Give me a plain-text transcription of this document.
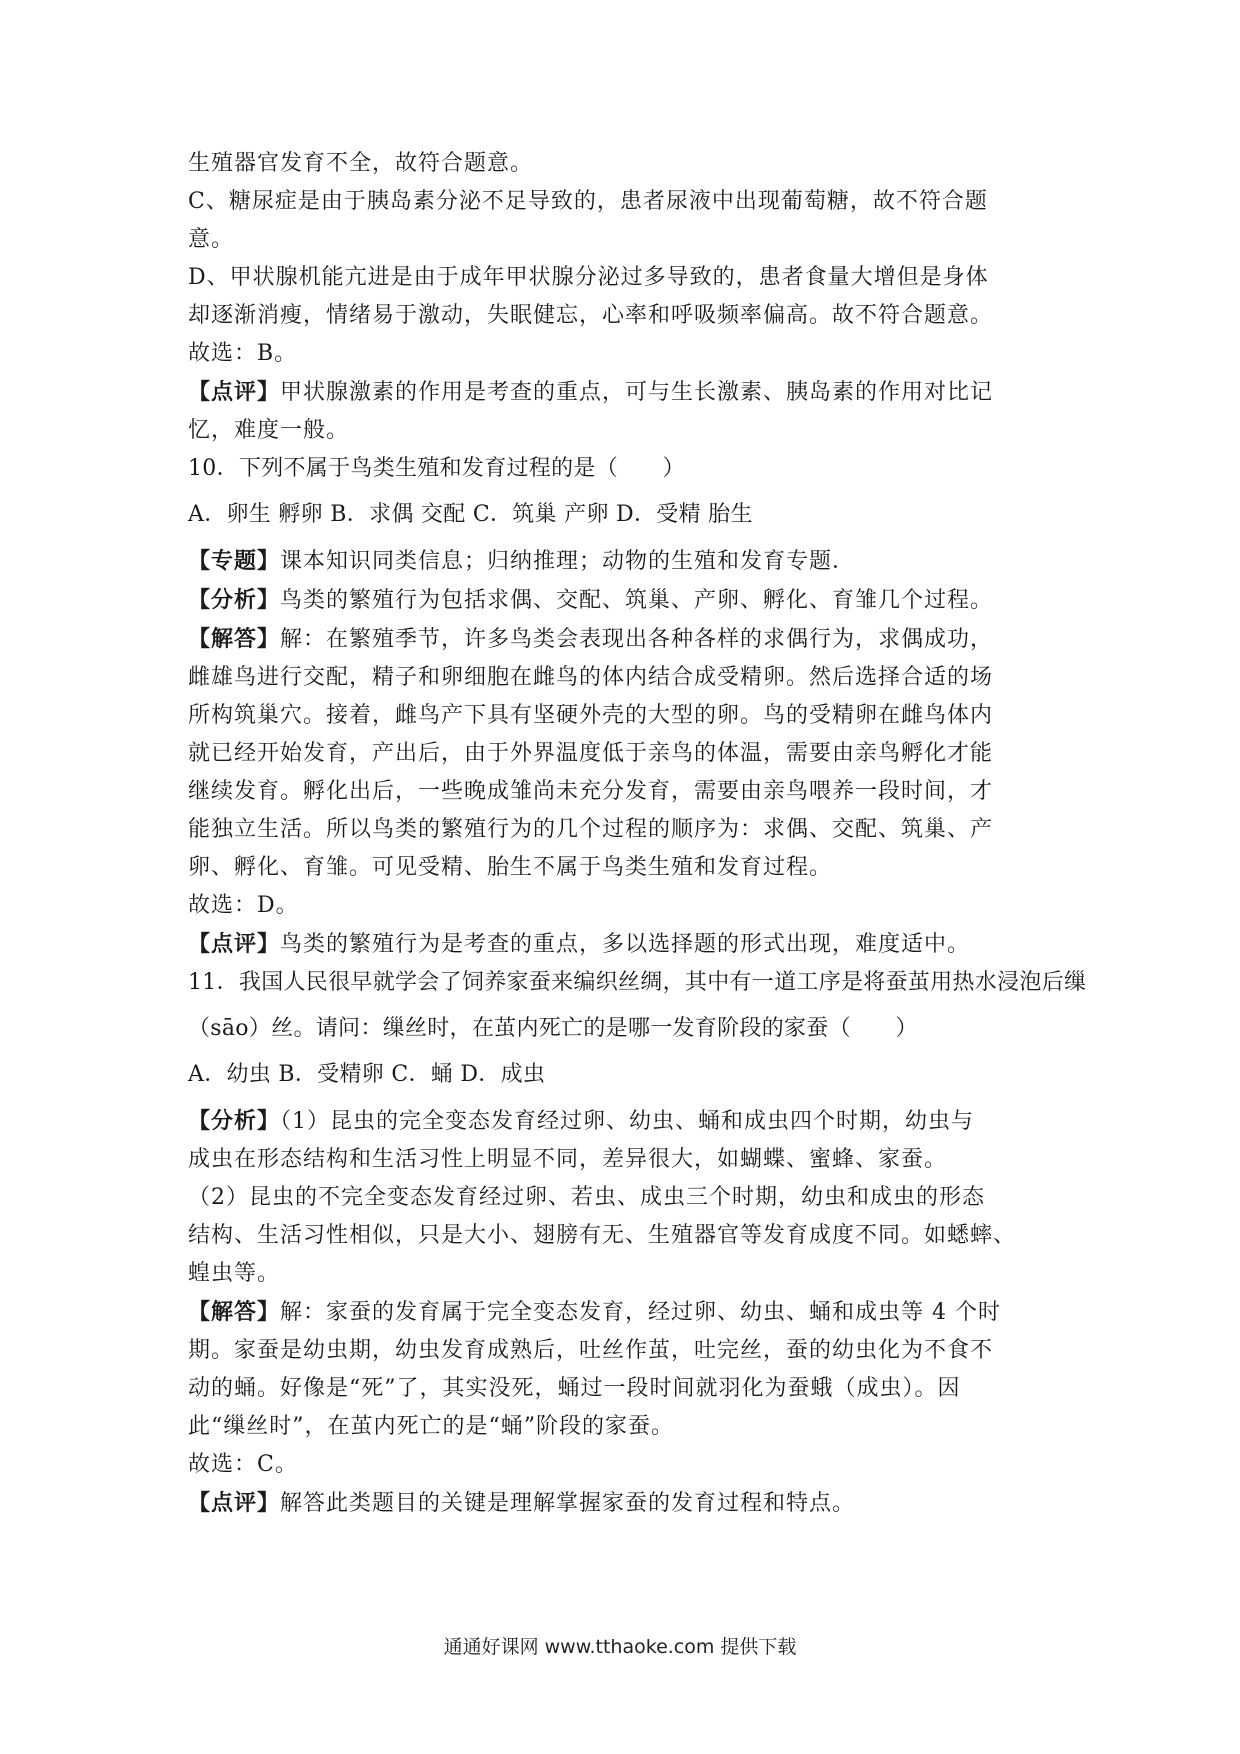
生殖器官发育不全，故符合题意。
C、糖尿症是由于胰岛素分泌不足导致的，患者尿液中出现葡萄糖，故不符合题
意。
D、甲状腺机能亢进是由于成年甲状腺分泌过多导致的，患者食量大增但是身体
却逐渐消瘦，情绪易于激动，失眠健忘，心率和呼吸频率偏高。故不符合题意。
故选：B。
【 点评 】 甲状腺激素的作用是考查的重点，可与生长激素、胰岛素的作用对比记
忆，难度一般。
10．下列不属于鸟类生殖和发育过程的是（　　）
A．卵生 孵卵 B．求偶 交配 C．筑巢 产卵 D．受精 胎生
【 专题 】 课本知识同类信息；归纳推理；动物的生殖和发育专题．
【 分析 】 鸟类的繁殖行为包括求偶、交配、筑巢、产卵、孵化、育雏几个过程。
【 解答 】 解：在繁殖季节，许多鸟类会表现出各种各样的求偶行为，求偶成功，
雌雄鸟进行交配，精子和卵细胞在雌鸟的体内结合成受精卵。然后选择合适的场
所构筑巢穴。接着，雌鸟产下具有坚硬外壳的大型的卵。鸟的受精卵在雌鸟体内
就已经开始发育，产出后，由于外界温度低于亲鸟的体温，需要由亲鸟孵化才能
继续发育。孵化出后，一些晚成雏尚未充分发育，需要由亲鸟喂养一段时间，才
能独立生活。所以鸟类的繁殖行为的几个过程的顺序为：求偶、交配、筑巢、产
卵、孵化、育雏。可见受精、胎生不属于鸟类生殖和发育过程。
故选：D。
【 点评 】 鸟类的繁殖行为是考查的重点，多以选择题的形式出现，难度适中。
11．我国人民很早就学会了饲养家蚕来编织丝绸，其中有一道工序是将蚕茧用热水浸泡后缫
（sāo）丝。请问：缫丝时，在茧内死亡的是哪一发育阶段的家蚕（　　）
A．幼虫 B．受精卵 C．蛹 D．成虫
【 分析 】 （1）昆虫的完全变态发育经过卵、幼虫、蛹和成虫四个时期，幼虫与
成虫在形态结构和生活习性上明显不同，差异很大，如蝴蝶、蜜蜂、家蚕。
（2）昆虫的不完全变态发育经过卵、若虫、成虫三个时期，幼虫和成虫的形态
结构、生活习性相似，只是大小、翅膀有无、生殖器官等发育成度不同。如蟋蟀、
蝗虫等。
【 解答 】 解：家蚕的发育属于完全变态发育，经过卵、幼虫、蛹和成虫等 4 个时
期。家蚕是幼虫期，幼虫发育成熟后，吐丝作茧，吐完丝，蚕的幼虫化为不食不
动的蛹。好像是“死”了，其实没死，蛹过一段时间就羽化为蚕蛾（成虫）。因
此“缫丝时”，在茧内死亡的是“蛹”阶段的家蚕。
故选：C。
【 点评 】 解答此类题目的关键是理解掌握家蚕的发育过程和特点。
通通好课网 www.tthaoke.com 提供下载
